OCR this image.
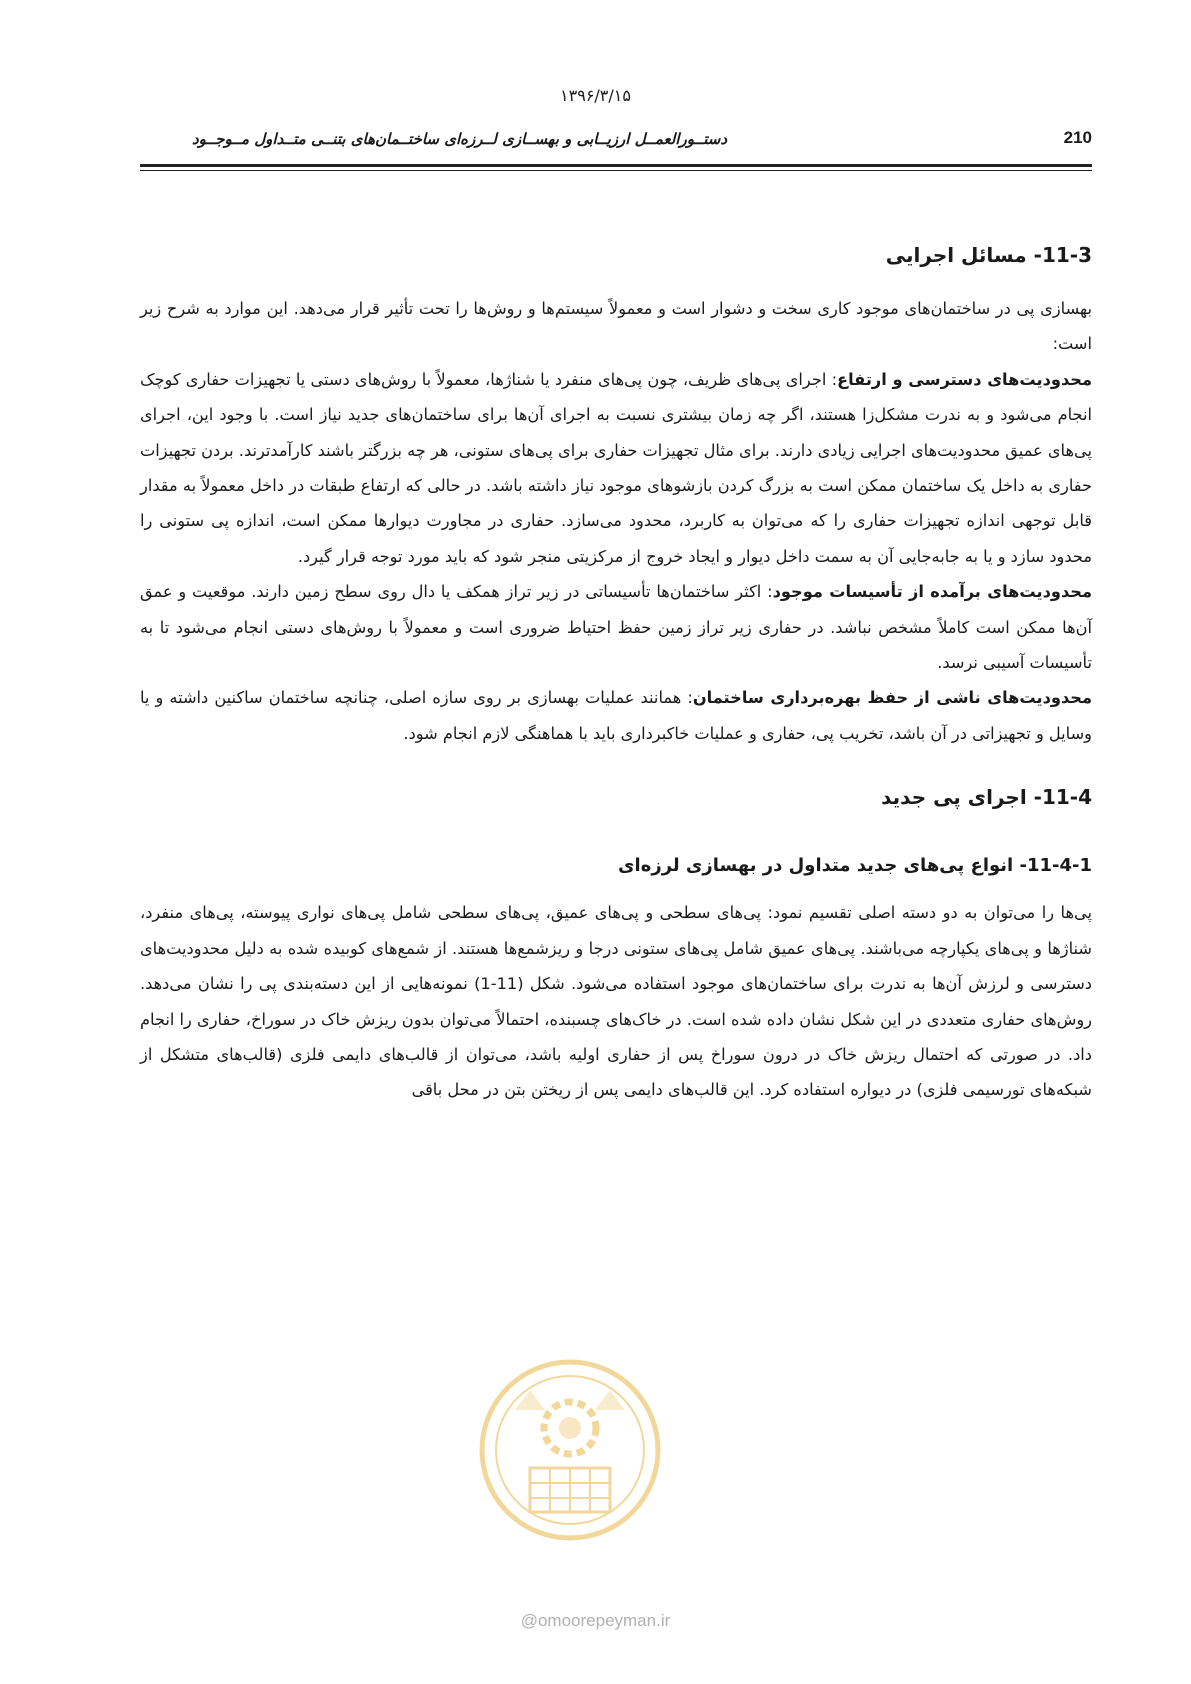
۱۳۹۶/۳/۱۵
210
دستــورالعمــل ارزیــابی و بهســازی لــرزه‌ای ساختــمان‌های بتنــی متــداول مــوجــود
11-3- مسائل اجرایی

بهسازی پی در ساختمان‌های موجود کاری سخت و دشوار است و معمولاً سیستم‌ها و روش‌ها را تحت تأثیر قرار می‌دهد. این موارد به شرح زیر است:

محدودیت‌های دسترسی و ارتفاع: اجرای پی‌های ظریف، چون پی‌های منفرد یا شناژها، معمولاً با روش‌های دستی یا تجهیزات حفاری کوچک انجام می‌شود و به ندرت مشکل‌زا هستند، اگر چه زمان بیشتری نسبت به اجرای آن‌ها برای ساختمان‌های جدید نیاز است. با وجود این، اجرای پی‌های عمیق محدودیت‌های اجرایی زیادی دارند. برای مثال تجهیزات حفاری برای پی‌های ستونی، هر چه بزرگتر باشند کارآمدترند. بردن تجهیزات حفاری به داخل یک ساختمان ممکن است به بزرگ کردن بازشوهای موجود نیاز داشته باشد. در حالی که ارتفاع طبقات در داخل معمولاً به مقدار قابل توجهی اندازه تجهیزات حفاری را که می‌توان به کاربرد، محدود می‌سازد. حفاری در مجاورت دیوارها ممکن است، اندازه پی ستونی را محدود سازد و یا به جابه‌جایی آن به سمت داخل دیوار و ایجاد خروج از مرکزیتی منجر شود که باید مورد توجه قرار گیرد.

محدودیت‌های برآمده از تأسیسات موجود: اکثر ساختمان‌ها تأسیساتی در زیر تراز همکف یا دال روی سطح زمین دارند. موقعیت و عمق آن‌ها ممکن است کاملاً مشخص نباشد. در حفاری زیر تراز زمین حفظ احتیاط ضروری است و معمولاً با روش‌های دستی انجام می‌شود تا به تأسیسات آسیبی نرسد.

محدودیت‌های ناشی از حفظ بهره‌برداری ساختمان: همانند عملیات بهسازی بر روی سازه اصلی، چنانچه ساختمان ساکنین داشته و یا وسایل و تجهیزاتی در آن باشد، تخریب پی، حفاری و عملیات خاکبرداری باید با هماهنگی لازم انجام شود.

11-4- اجرای پی جدید
11-4-1- انواع پی‌های جدید متداول در بهسازی لرزه‌ای

پی‌ها را می‌توان به دو دسته اصلی تقسیم نمود: پی‌های سطحی و پی‌های عمیق، پی‌های سطحی شامل پی‌های نواری پیوسته، پی‌های منفرد، شناژها و پی‌های یکپارچه می‌باشند. پی‌های عمیق شامل پی‌های ستونی درجا و ریزشمع‌ها هستند. از شمع‌های کوبیده شده به دلیل محدودیت‌های دسترسی و لرزش آن‌ها به ندرت برای ساختمان‌های موجود استفاده می‌شود. شکل (11-1) نمونه‌هایی از این دسته‌بندی پی را نشان می‌دهد. روش‌های حفاری متعددی در این شکل نشان داده شده است. در خاک‌های چسبنده، احتمالاً می‌توان بدون ریزش خاک در سوراخ، حفاری را انجام داد. در صورتی که احتمال ریزش خاک در درون سوراخ پس از حفاری اولیه باشد، می‌توان از قالب‌های دایمی فلزی (قالب‌های متشکل از شبکه‌های تورسیمی فلزی) در دیواره استفاده کرد. این قالب‌های دایمی پس از ریختن بتن در محل باقی

@omoorepeyman.ir
